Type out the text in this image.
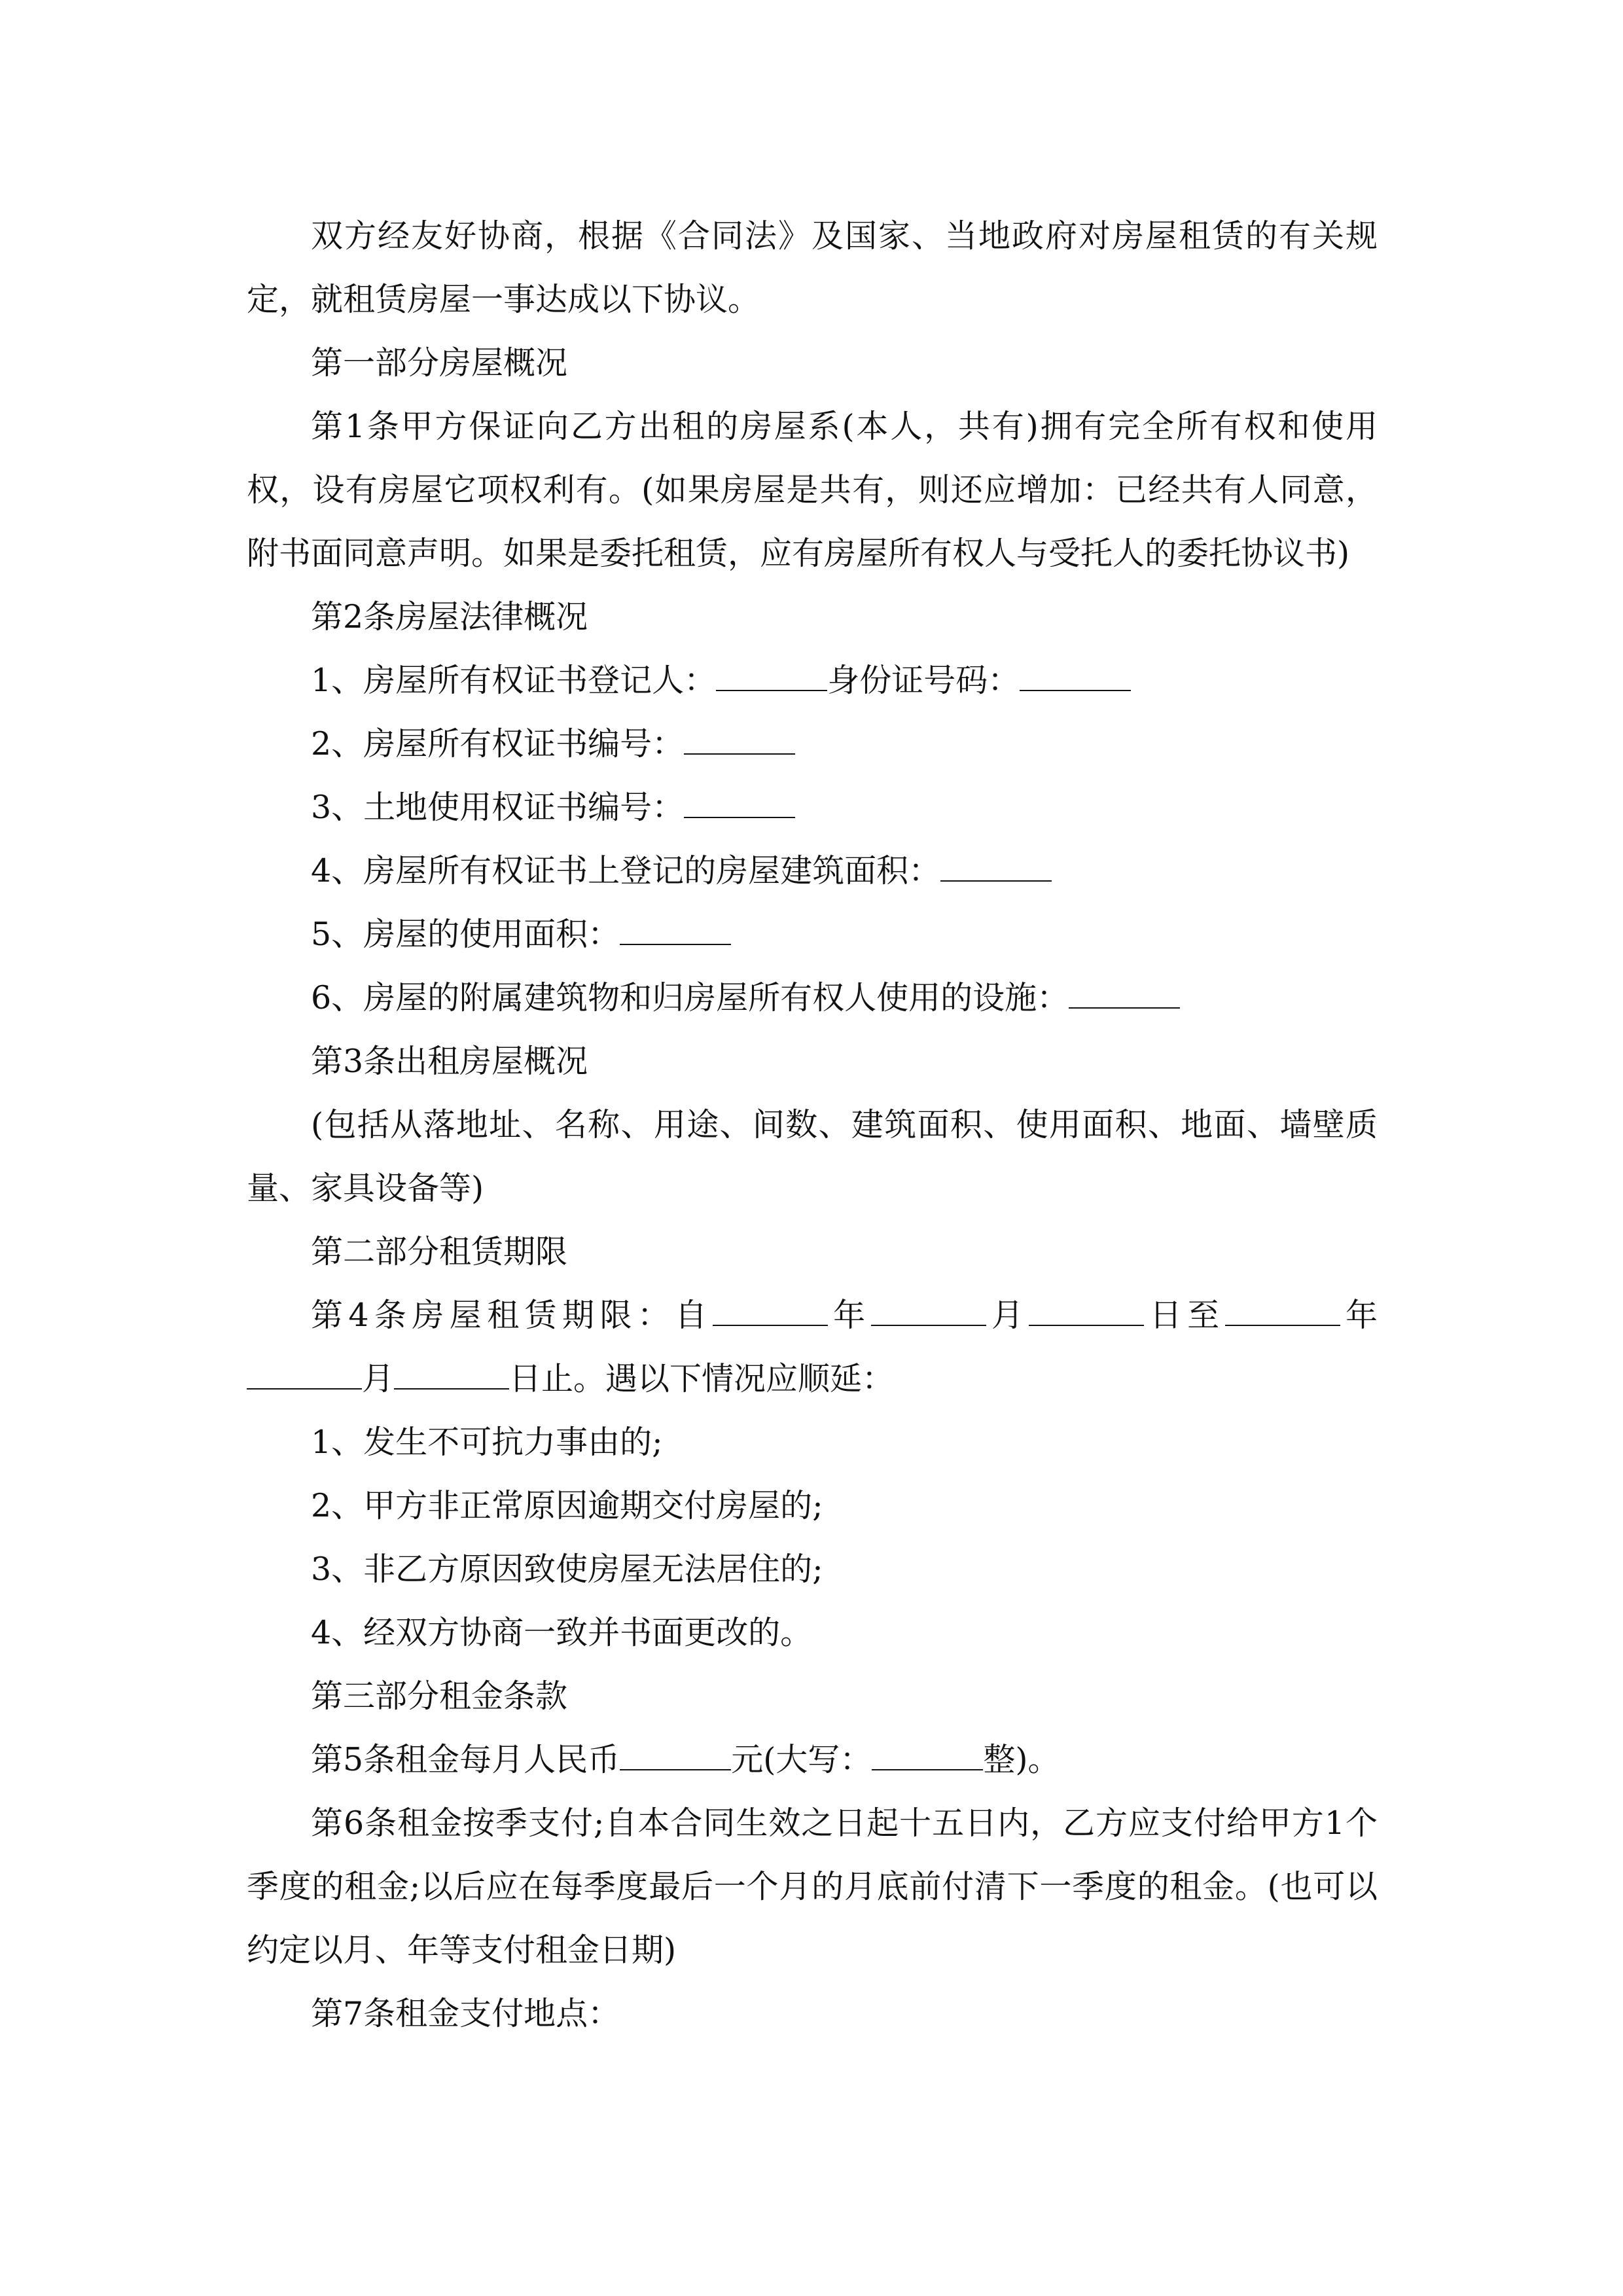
双方经友好协商，根据《合同法》及国家、当地政府对房屋租赁的有关规定，就租赁房屋一事达成以下协议。

第一部分房屋概况

第1条甲方保证向乙方出租的房屋系(本人，共有)拥有完全所有权和使用权，设有房屋它项权利有。(如果房屋是共有，则还应增加：已经共有人同意，附书面同意声明。如果是委托租赁，应有房屋所有权人与受托人的委托协议书)

第2条房屋法律概况

1、房屋所有权证书登记人：	身份证号码：

2、房屋所有权证书编号：

3、土地使用权证书编号：

4、房屋所有权证书上登记的房屋建筑面积：

5、房屋的使用面积：

6、房屋的附属建筑物和归房屋所有权人使用的设施：

第3条出租房屋概况

(包括从落地址、名称、用途、间数、建筑面积、使用面积、地面、墙壁质量、家具设备等)

第二部分租赁期限

第4条房屋租赁期限：自	年	月	日至	年月	日止。遇以下情况应顺延：

1、发生不可抗力事由的;

2、甲方非正常原因逾期交付房屋的;

3、非乙方原因致使房屋无法居住的;

4、经双方协商一致并书面更改的。

第三部分租金条款

第5条租金每月人民币	元(大写：	整)。

第6条租金按季支付;自本合同生效之日起十五日内，乙方应支付给甲方1个季度的租金;以后应在每季度最后一个月的月底前付清下一季度的租金。(也可以约定以月、年等支付租金日期)

第7条租金支付地点：
